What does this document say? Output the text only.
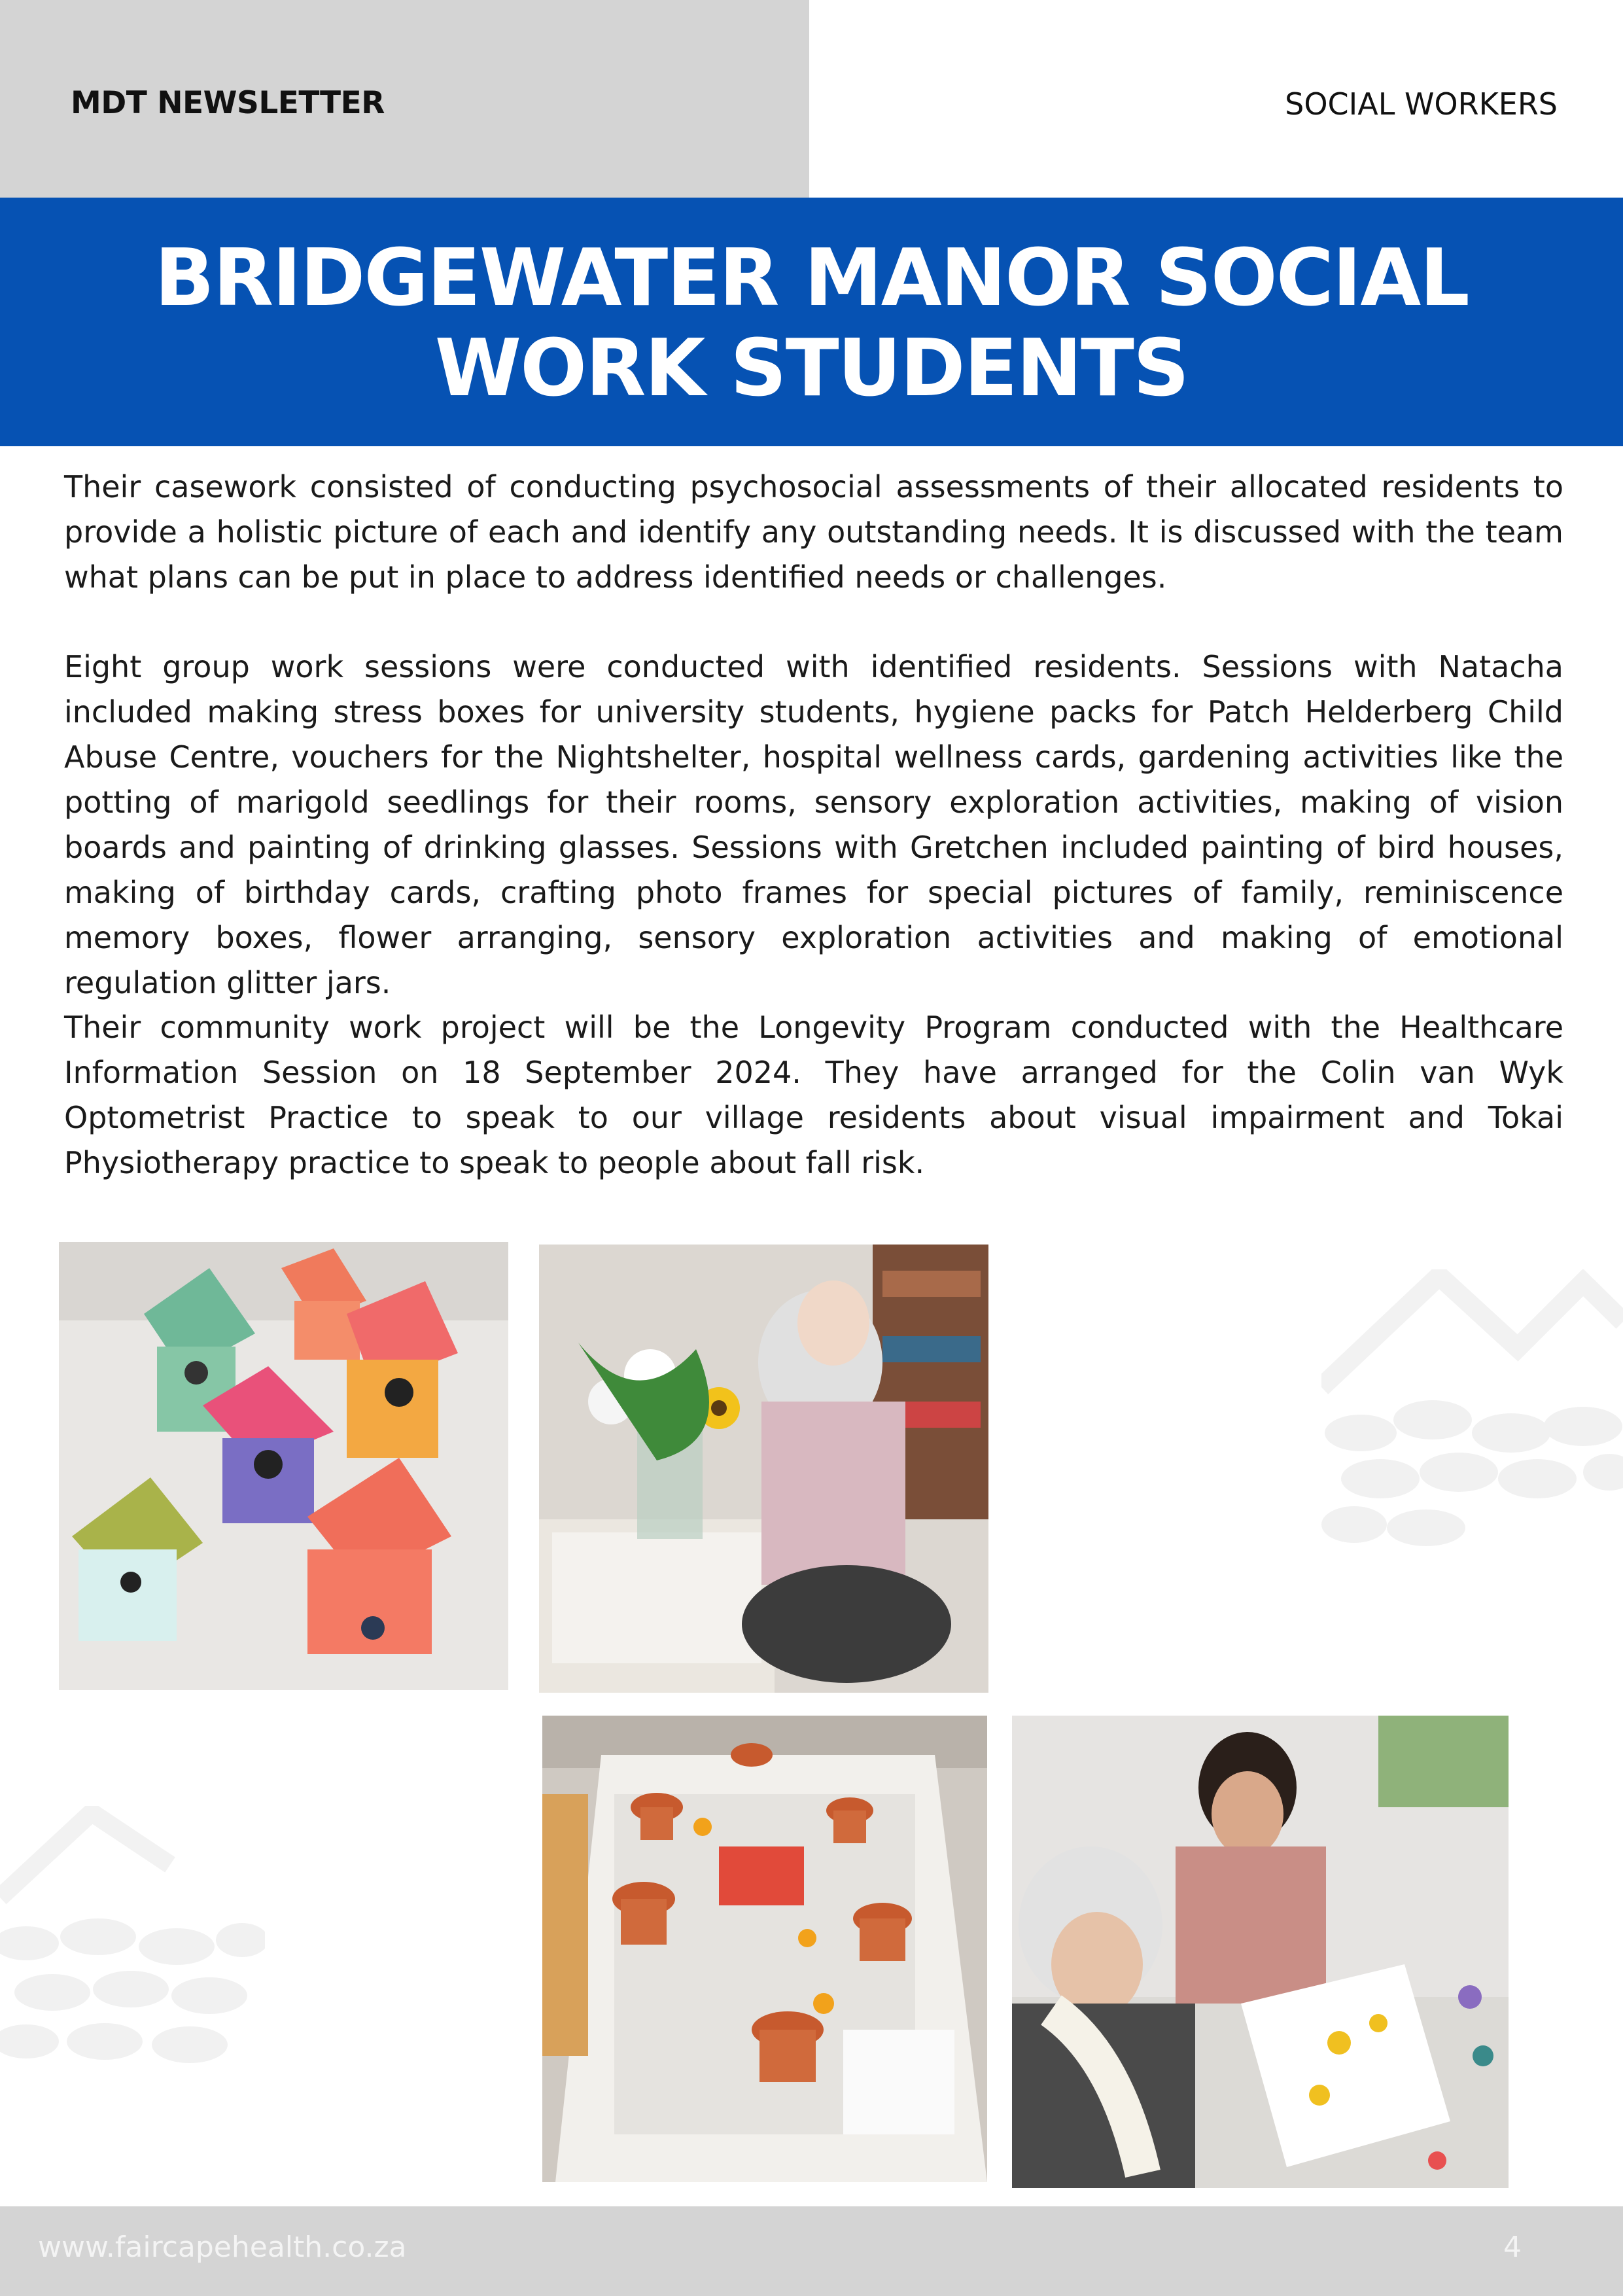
MDT NEWSLETTER	SOCIAL WORKERS
BRIDGEWATER MANOR SOCIAL
WORK STUDENTS

Their casework consisted of conducting psychosocial assessments of their allocated residents to provide a holistic picture of each and identify any outstanding needs. It is discussed with the team what plans can be put in place to address identified needs or challenges.

Eight group work sessions were conducted with identified residents. Sessions with Natacha included making stress boxes for university students, hygiene packs for Patch Helderberg Child Abuse Centre, vouchers for the Nightshelter, hospital wellness cards, gardening activities like the potting of marigold seedlings for their rooms, sensory exploration activities, making of vision boards and painting of drinking glasses. Sessions with Gretchen included painting of bird houses, making of birthday cards, crafting photo frames for special pictures of family, reminiscence memory boxes, flower arranging, sensory exploration activities and making of emotional regulation glitter jars.

Their community work project will be the Longevity Program conducted with the Healthcare Information Session on 18 September 2024. They have arranged for the Colin van Wyk Optometrist Practice to speak to our village residents about visual impairment and Tokai Physiotherapy practice to speak to people about fall risk.

www.faircapehealth.co.za	4
